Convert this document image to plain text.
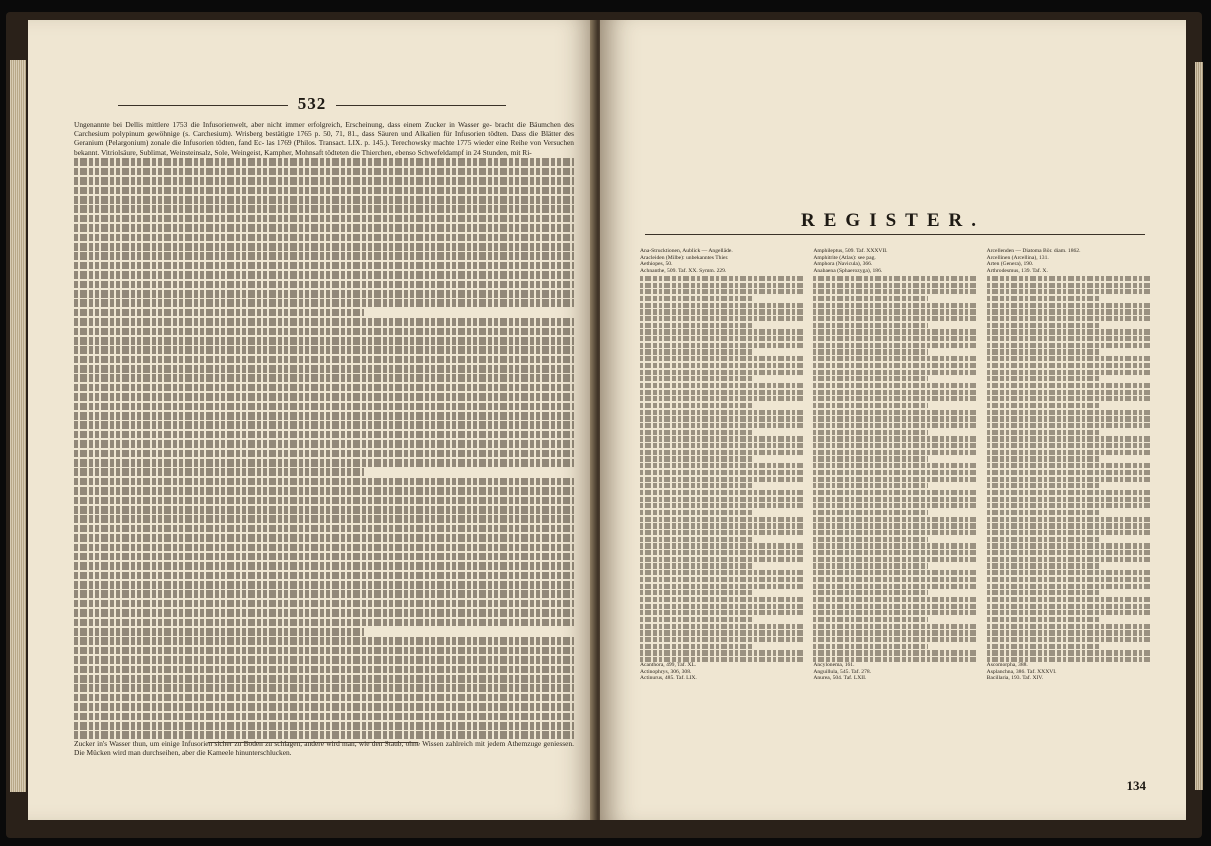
532
Ungenannte bei Dellis mittlere 1753 die Infusorienwelt, aber nicht immer erfolgreich, Erscheinung, dass einem Zucker in Wasser ge- bracht die Bäumchen des Carchesium polypinum gewöhnige (s. Carchesium). Wrisberg bestätigte 1765 p. 50, 71, 81., dass Säuren und Alkalien für Infusorien tödten. Dass die Blätter des Geranium (Pelargonium) zonale die Infusorien tödten, fand Ec- las 1769 (Philos. Transact. LIX. p. 145.). Terechowsky machte 1775 wieder eine Reihe von Versuchen bekannt. Vitriolsäure, Sublimat, Weinsteinsalz, Sole, Weingeist, Kampher, Mohnsaft tödteten die Thierchen, ebenso Schwefeldampf in 24 Stunden, mit Ri-
Zucker in's Wasser thun, um einige Infusorien sicher zu Boden zu schlagen, andere wird man, wie den Staub, ohne Wissen zahlreich mit jedem Athemzuge geniessen. Die Mücken wird man durchseihen, aber die Kameele hinunterschlucken.
REGISTER.
Ana-Strucktionen, Aublick — Angelläde.
Aracleiden (Milbe): unbekanntes Thier.
Aethiopes, 50.
Achnanthe, 509. Taf. XX. Symm. 229.
Acanthora, 499, Taf. XL.
Actinophrys, 306, 308.
Actinurus, 485. Taf. LIX.
Amphileptus, 509. Taf. XXXVII.
Amphitrite (Atlas): see pag.
Amphora (Navicula), 366.
Anabaena (Sphaerozyga), 186.
Ancylonema, 161.
Anguillula, 545. Taf. 278.
Anurea, 504. Taf. LXII.
Arcellenden — Diatoma Bör. diam. 1862.
Arcellinen (Arcellina), 131.
Arten (Genera), 190.
Arthrodesmus, 139. Taf. X.
Ascomorpha, 388.
Asplanchna, 386. Taf. XXXVI.
Bacillaria, 193. Taf. XIV.
134
